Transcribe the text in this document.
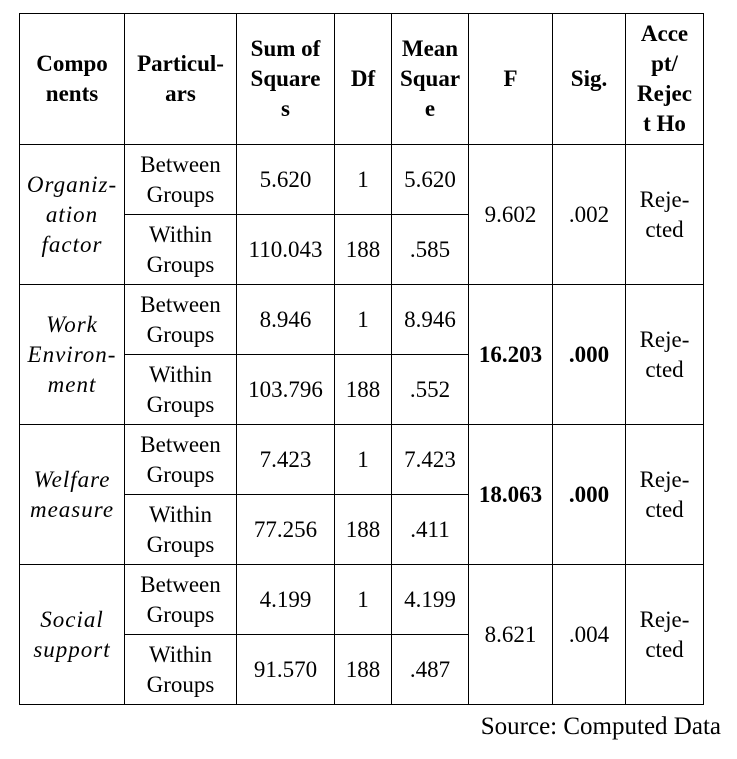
Compo
nents	Particul-
ars	Sum of
Square
s	Df	Mean
Squar
e	F	Sig.	Acce
pt/
Rejec
t Ho

Organiz-
ation
factor	Between
Groups	5.620	1	5.620	9.602	.002	Reje-
cted

	Within
Groups	110.043	188	.585			

Work
Environ-
ment	Between
Groups	8.946	1	8.946	16.203	.000	Reje-
cted

	Within
Groups	103.796	188	.552			

Welfare
measure	Between
Groups	7.423	1	7.423	18.063	.000	Reje-
cted

	Within
Groups	77.256	188	.411			

Social
support	Between
Groups	4.199	1	4.199	8.621	.004	Reje-
cted

	Within
Groups	91.570	188	.487			
Source: Computed Data
